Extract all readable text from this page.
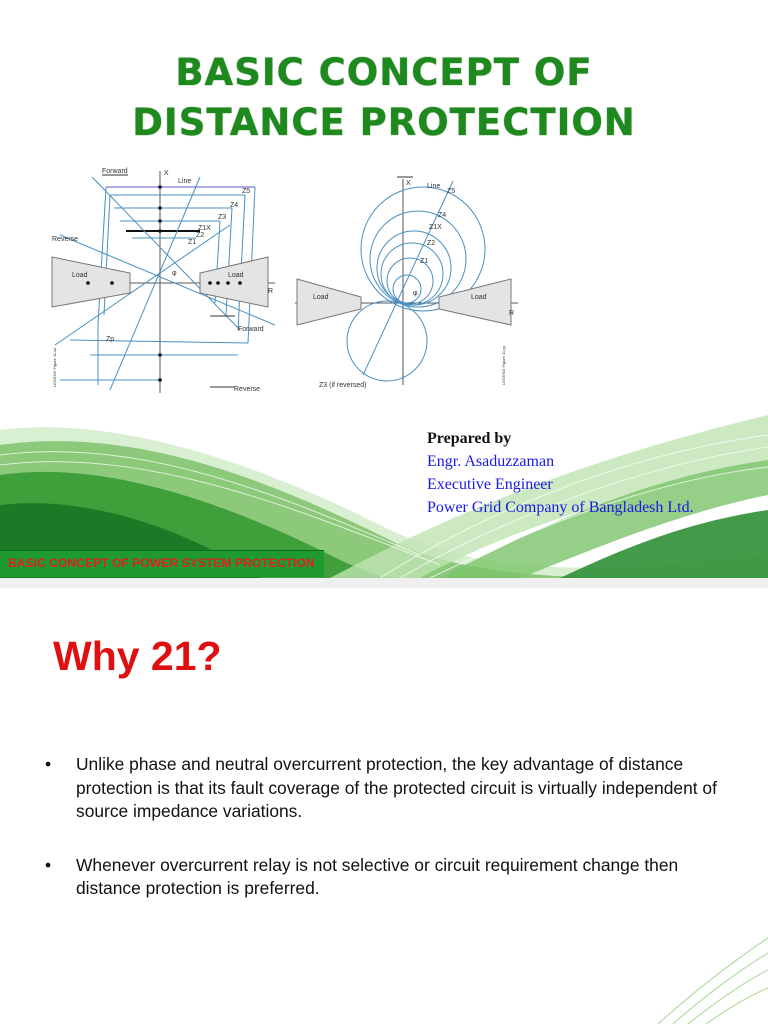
BASIC CONCEPT OF
DISTANCE PROTECTION
Forward	X
Line
Z5
Z4
Z3
Z1X
Z2
Z1
Reverse
Load	Load
R
φ
Forward
Zp
Reverse
LEGEND Figure 11.xx
X Line
Z5
Z4
Z1X
Z2
Z1
Load	Load
R
φ
Z3 (if reversed)
LEGEND Figure 11.yy
Prepared by
Engr. Asaduzzaman
Executive Engineer
Power Grid Company of Bangladesh Ltd.
BASIC CONCEPT OF POWER SYSTEM PROTECTION
Why 21?
• Unlike phase and neutral overcurrent protection, the key advantage of distance protection is that its fault coverage of the protected circuit is virtually independent of source impedance variations.
• Whenever overcurrent relay is not selective or circuit requirement change then distance protection is preferred.
